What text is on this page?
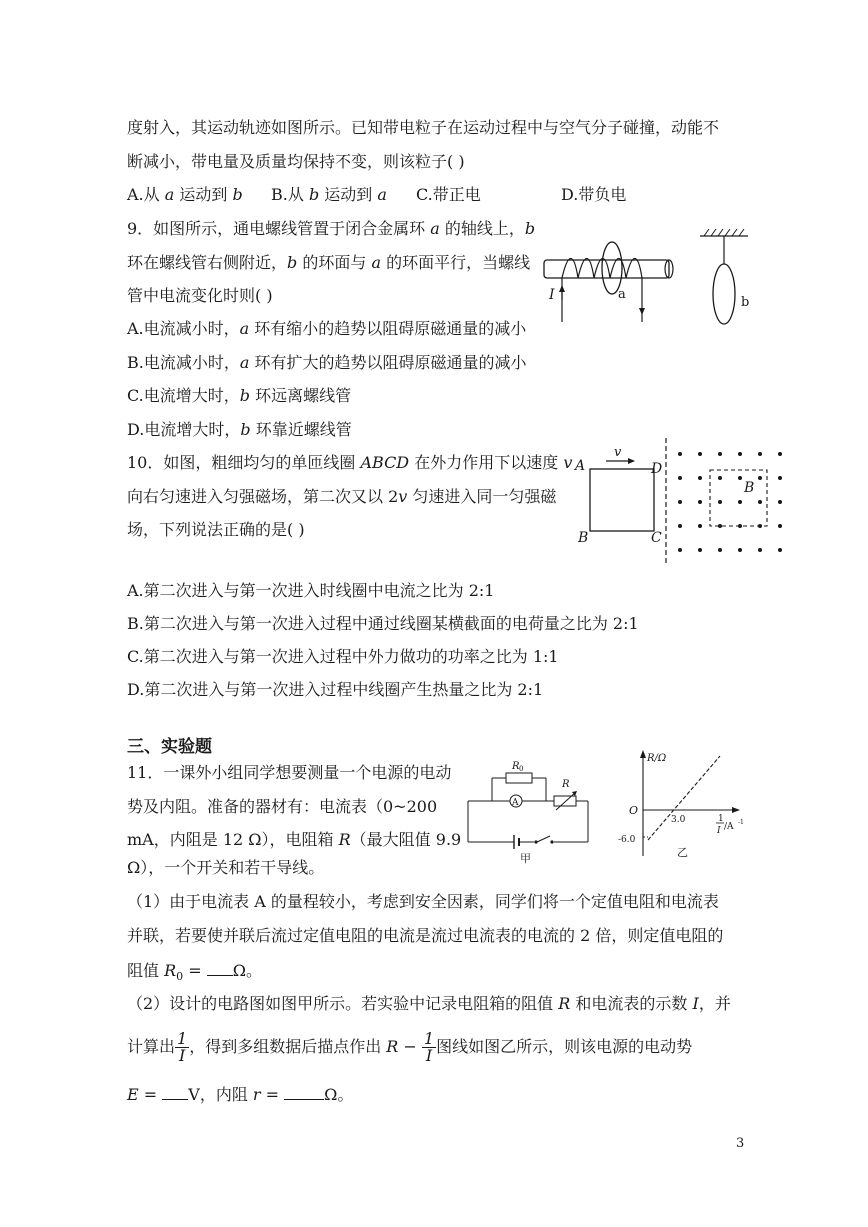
度射入，其运动轨迹如图所示。已知带电粒子在运动过程中与空气分子碰撞，动能不
断减小，带电量及质量均保持不变，则该粒子( )
A.从 a 运动到 b B.从 b 运动到 a C.带正电	D.带负电
9．如图所示，通电螺线管置于闭合金属环 a 的轴线上，b
环在螺线管右侧附近，b 的环面与 a 的环面平行，当螺线
管中电流变化时则( )
A.电流减小时，a 环有缩小的趋势以阻碍原磁通量的减小
B.电流减小时，a 环有扩大的趋势以阻碍原磁通量的减小
C.电流增大时，b 环远离螺线管
D.电流增大时，b 环靠近螺线管
I	a
b
10．如图，粗细均匀的单匝线圈 ABCD 在外力作用下以速度 v
向右匀速进入匀强磁场，第二次又以 2v 匀速进入同一匀强磁
场，下列说法正确的是( )
A.第二次进入与第一次进入时线圈中电流之比为 2:1
B.第二次进入与第一次进入过程中通过线圈某横截面的电荷量之比为 2:1
C.第二次进入与第一次进入过程中外力做功的功率之比为 1:1
D.第二次进入与第一次进入过程中线圈产生热量之比为 2:1
A	D
B	C
v
B
三、实验题
11．一课外小组同学想要测量一个电源的电动
势及内阻。准备的器材有：电流表（0~200
mA，内阻是 12 Ω），电阻箱 R（最大阻值 9.9
Ω），一个开关和若干导线。
（1）由于电流表 A 的量程较小，考虑到安全因素，同学们将一个定值电阻和电流表
并联，若要使并联后流过定值电阻的电流是流过电流表的电流的 2 倍，则定值电阻的
阻值 $R_0 = \Omega$。
（2）设计的电路图如图甲所示。若实验中记录电阻箱的阻值 R 和电流表的示数 I，并
计算出 $\frac{1}{I}$ ，得到多组数据后描点作出 $R - \frac{1}{I}$ 图线如图乙所示，则该电源的电动势
E = V，内阻 r =	Ω。
R 0
A
R
甲
R/Ω
O
3.0
-6.0
1
I /A -1
乙
3
